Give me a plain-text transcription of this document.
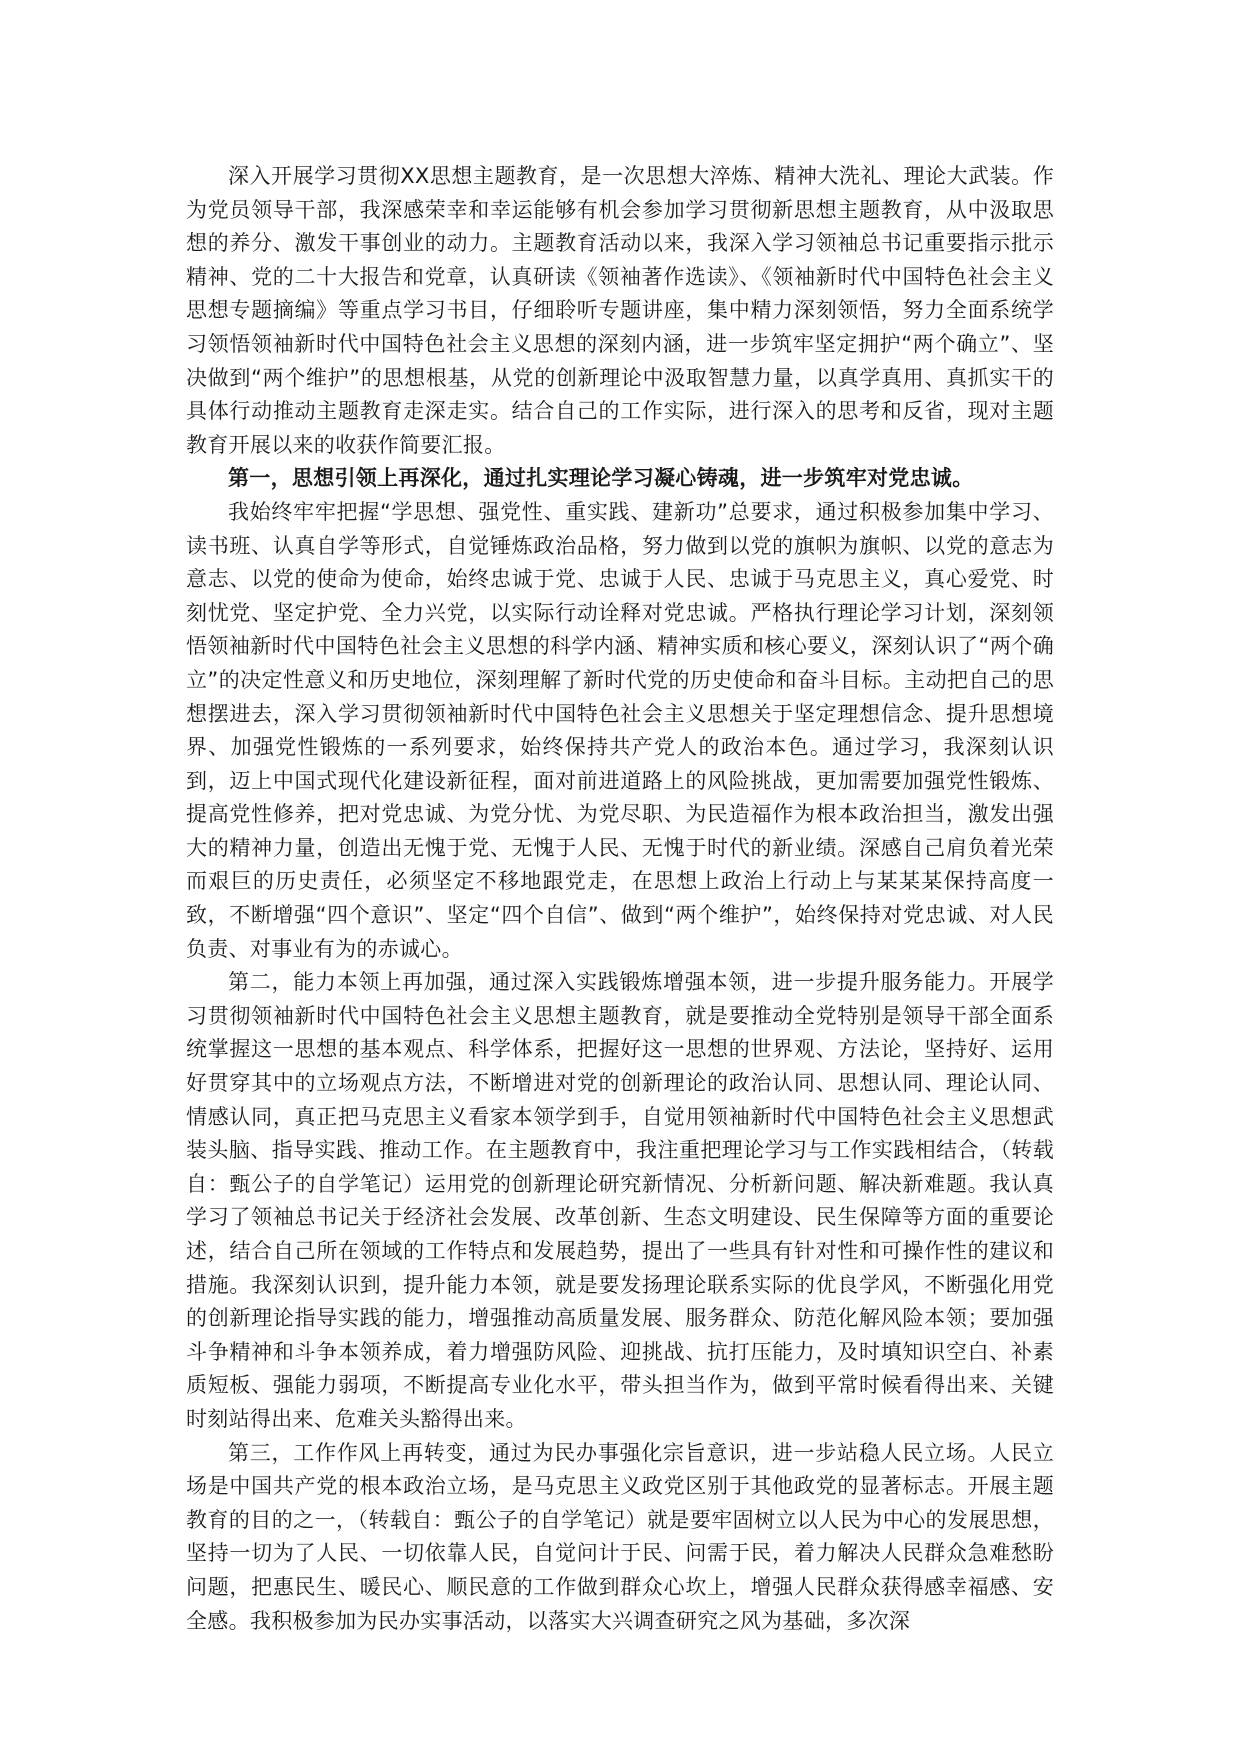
深入开展学习贯彻XX思想主题教育，是一次思想大淬炼、精神大洗礼、理论大武装。作为党员领导干部，我深感荣幸和幸运能够有机会参加学习贯彻新思想主题教育，从中汲取思想的养分、激发干事创业的动力。主题教育活动以来，我深入学习领袖总书记重要指示批示精神、党的二十大报告和党章，认真研读《领袖著作选读》、《领袖新时代中国特色社会主义思想专题摘编》等重点学习书目，仔细聆听专题讲座，集中精力深刻领悟，努力全面系统学习领悟领袖新时代中国特色社会主义思想的深刻内涵，进一步筑牢坚定拥护“两个确立”、坚决做到“两个维护”的思想根基，从党的创新理论中汲取智慧力量，以真学真用、真抓实干的具体行动推动主题教育走深走实。结合自己的工作实际，进行深入的思考和反省，现对主题教育开展以来的收获作简要汇报。

第一，思想引领上再深化，通过扎实理论学习凝心铸魂，进一步筑牢对党忠诚。

我始终牢牢把握“学思想、强党性、重实践、建新功”总要求，通过积极参加集中学习、读书班、认真自学等形式，自觉锤炼政治品格，努力做到以党的旗帜为旗帜、以党的意志为意志、以党的使命为使命，始终忠诚于党、忠诚于人民、忠诚于马克思主义，真心爱党、时刻忧党、坚定护党、全力兴党，以实际行动诠释对党忠诚。严格执行理论学习计划，深刻领悟领袖新时代中国特色社会主义思想的科学内涵、精神实质和核心要义，深刻认识了“两个确立”的决定性意义和历史地位，深刻理解了新时代党的历史使命和奋斗目标。主动把自己的思想摆进去，深入学习贯彻领袖新时代中国特色社会主义思想关于坚定理想信念、提升思想境界、加强党性锻炼的一系列要求，始终保持共产党人的政治本色。通过学习，我深刻认识到，迈上中国式现代化建设新征程，面对前进道路上的风险挑战，更加需要加强党性锻炼、提高党性修养，把对党忠诚、为党分忧、为党尽职、为民造福作为根本政治担当，激发出强大的精神力量，创造出无愧于党、无愧于人民、无愧于时代的新业绩。深感自己肩负着光荣而艰巨的历史责任，必须坚定不移地跟党走，在思想上政治上行动上与某某某保持高度一致，不断增强“四个意识”、坚定“四个自信”、做到“两个维护”，始终保持对党忠诚、对人民负责、对事业有为的赤诚心。

第二，能力本领上再加强，通过深入实践锻炼增强本领，进一步提升服务能力。开展学习贯彻领袖新时代中国特色社会主义思想主题教育，就是要推动全党特别是领导干部全面系统掌握这一思想的基本观点、科学体系，把握好这一思想的世界观、方法论，坚持好、运用好贯穿其中的立场观点方法，不断增进对党的创新理论的政治认同、思想认同、理论认同、情感认同，真正把马克思主义看家本领学到手，自觉用领袖新时代中国特色社会主义思想武装头脑、指导实践、推动工作。在主题教育中，我注重把理论学习与工作实践相结合，（转载自：甄公子的自学笔记）运用党的创新理论研究新情况、分析新问题、解决新难题。我认真学习了领袖总书记关于经济社会发展、改革创新、生态文明建设、民生保障等方面的重要论述，结合自己所在领域的工作特点和发展趋势，提出了一些具有针对性和可操作性的建议和措施。我深刻认识到，提升能力本领，就是要发扬理论联系实际的优良学风，不断强化用党的创新理论指导实践的能力，增强推动高质量发展、服务群众、防范化解风险本领；要加强斗争精神和斗争本领养成，着力增强防风险、迎挑战、抗打压能力，及时填知识空白、补素质短板、强能力弱项，不断提高专业化水平，带头担当作为，做到平常时候看得出来、关键时刻站得出来、危难关头豁得出来。

第三，工作作风上再转变，通过为民办事强化宗旨意识，进一步站稳人民立场。人民立场是中国共产党的根本政治立场，是马克思主义政党区别于其他政党的显著标志。开展主题教育的目的之一，（转载自：甄公子的自学笔记）就是要牢固树立以人民为中心的发展思想，坚持一切为了人民、一切依靠人民，自觉问计于民、问需于民，着力解决人民群众急难愁盼问题，把惠民生、暖民心、顺民意的工作做到群众心坎上，增强人民群众获得感幸福感、安全感。我积极参加为民办实事活动，以落实大兴调查研究之风为基础，多次深
